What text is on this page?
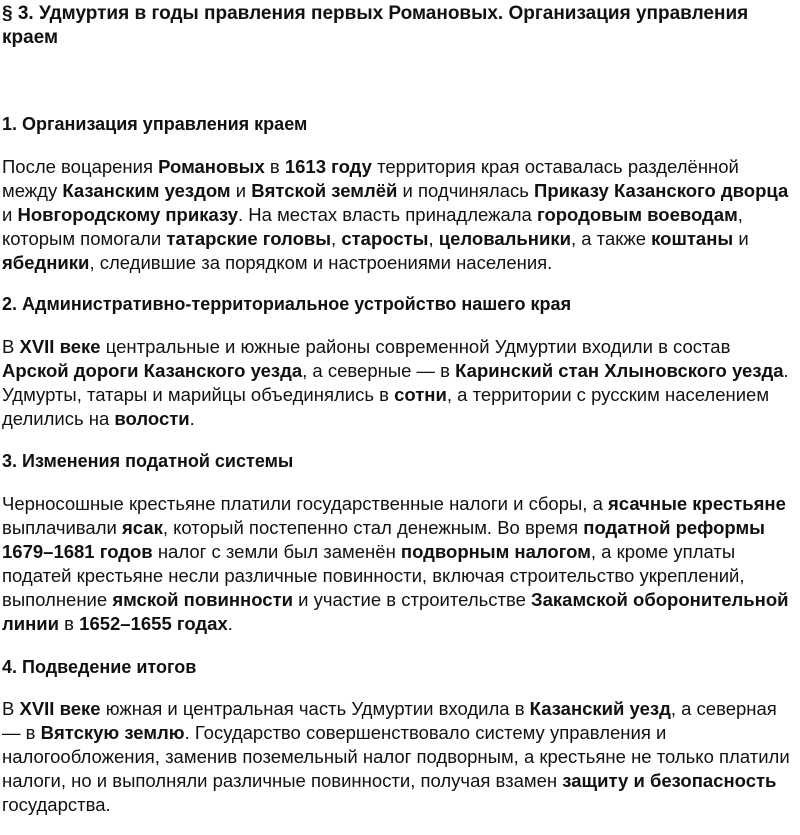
§ 3. Удмуртия в годы правления первых Романовых. Организация управления краем
1. Организация управления краем

После воцарения Романовых в 1613 году территория края оставалась разделённой между Казанским уездом и Вятской землёй и подчинялась Приказу Казанского дворца и Новгородскому приказу. На местах власть принадлежала городовым воеводам, которым помогали татарские головы, старосты, целовальники, а также коштаны и ябедники, следившие за порядком и настроениями населения.

2. Административно-территориальное устройство нашего края

В XVII веке центральные и южные районы современной Удмуртии входили в состав Арской дороги Казанского уезда, а северные — в Каринский стан Хлыновского уезда. Удмурты, татары и марийцы объединялись в сотни, а территории с русским населением делились на волости.

3. Изменения податной системы

Черносошные крестьяне платили государственные налоги и сборы, а ясачные крестьяне выплачивали ясак, который постепенно стал денежным. Во время податной реформы 1679–1681 годов налог с земли был заменён подворным налогом, а кроме уплаты податей крестьяне несли различные повинности, включая строительство укреплений, выполнение ямской повинности и участие в строительстве Закамской оборонительной линии в 1652–1655 годах.

4. Подведение итогов

В XVII веке южная и центральная часть Удмуртии входила в Казанский уезд, а северная — в Вятскую землю. Государство совершенствовало систему управления и налогообложения, заменив поземельный налог подворным, а крестьяне не только платили налоги, но и выполняли различные повинности, получая взамен защиту и безопасность государства.
